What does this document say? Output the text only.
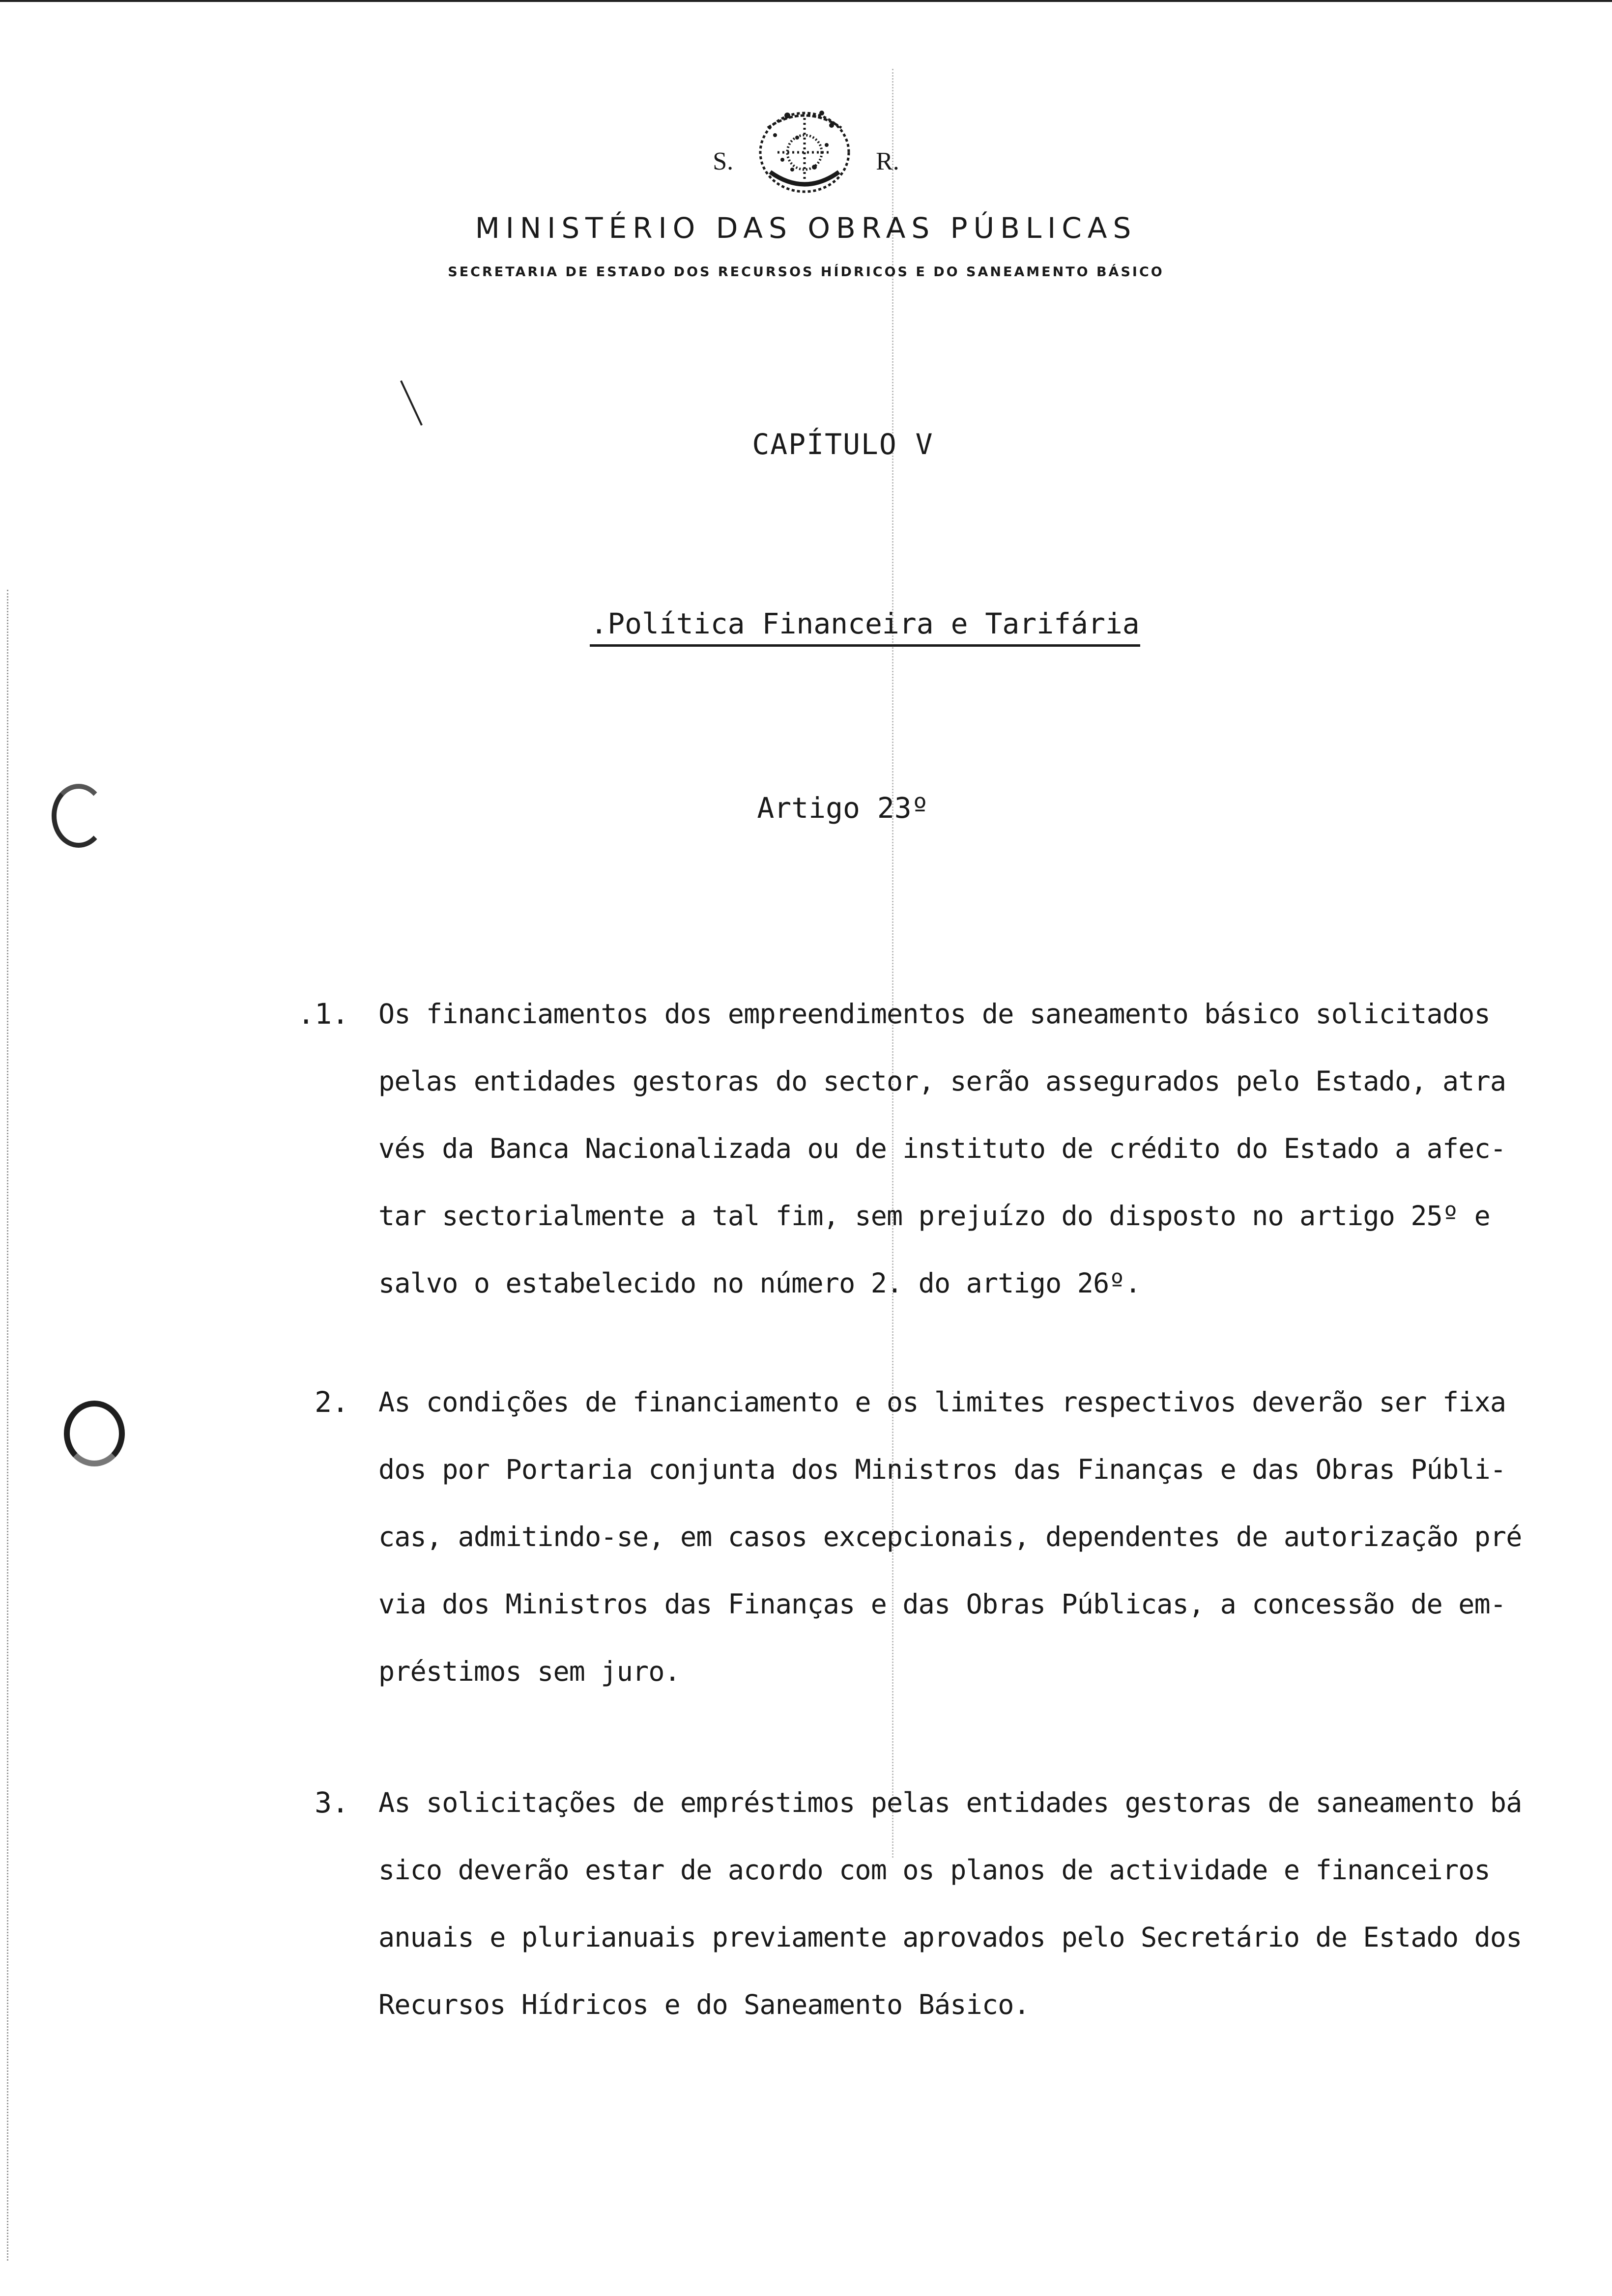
S.	R.
MINISTÉRIO DAS OBRAS PÚBLICAS
SECRETARIA DE ESTADO DOS RECURSOS HÍDRICOS E DO SANEAMENTO BÁSICO
CAPÍTULO V
.Política Financeira e Tarifária
Artigo 23º
.1. Os financiamentos dos empreendimentos de saneamento básico solicitados
pelas entidades gestoras do sector, serão assegurados pelo Estado, atra
vés da Banca Nacionalizada ou de instituto de crédito do Estado a afec-
tar sectorialmente a tal fim, sem prejuízo do disposto no artigo 25º e
salvo o estabelecido no número 2. do artigo 26º.
2. As condições de financiamento e os limites respectivos deverão ser fixa
dos por Portaria conjunta dos Ministros das Finanças e das Obras Públi-
cas, admitindo-se, em casos excepcionais, dependentes de autorização pré
via dos Ministros das Finanças e das Obras Públicas, a concessão de em-
préstimos sem juro.
3. As solicitações de empréstimos pelas entidades gestoras de saneamento bá
sico deverão estar de acordo com os planos de actividade e financeiros
anuais e plurianuais previamente aprovados pelo Secretário de Estado dos
Recursos Hídricos e do Saneamento Básico.
